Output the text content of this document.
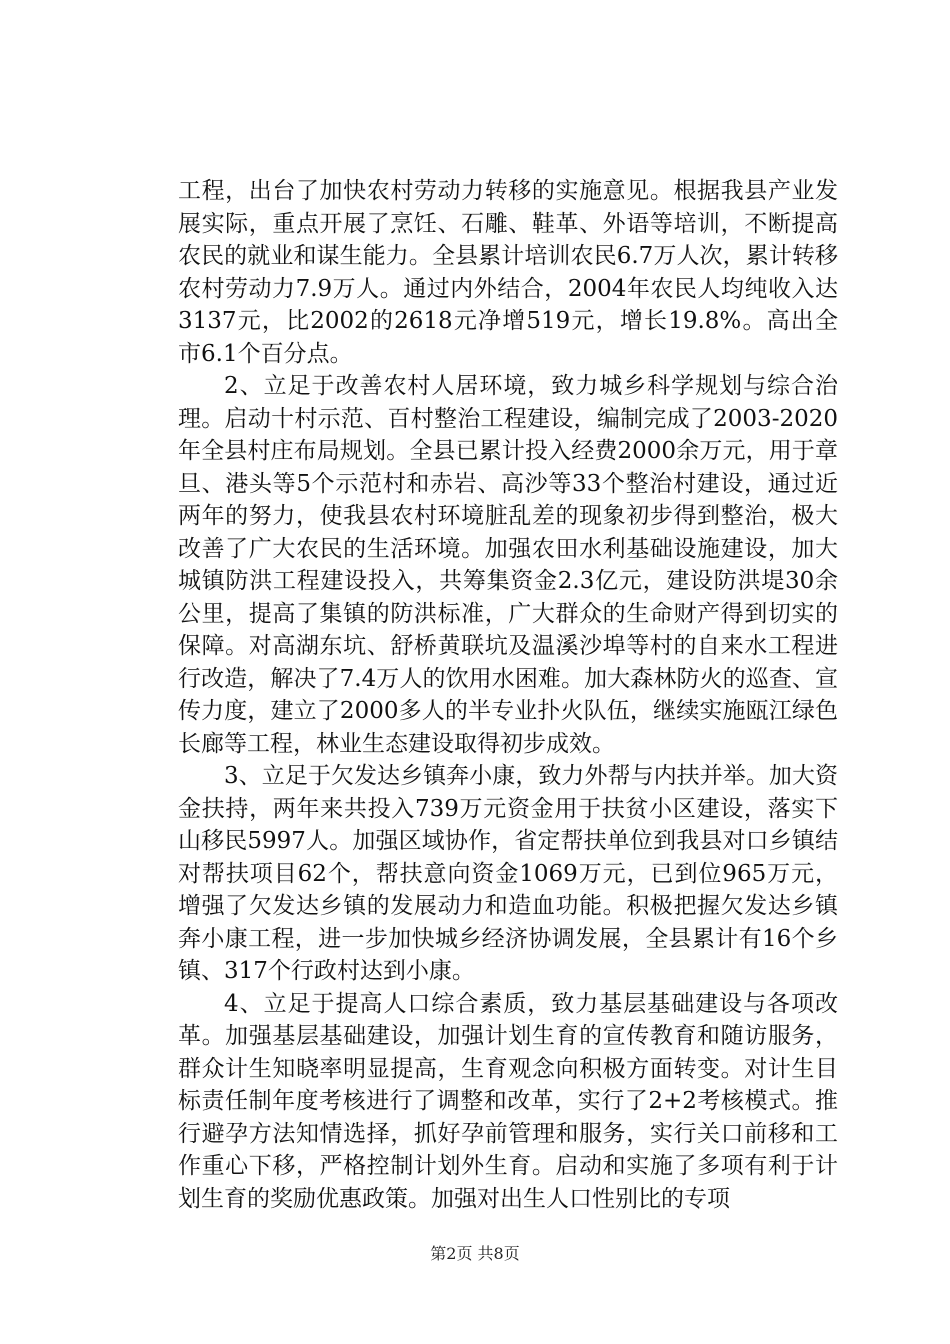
工程，出台了加快农村劳动力转移的实施意见。根据我县产业发展实际，重点开展了烹饪、石雕、鞋革、外语等培训，不断提高农民的就业和谋生能力。全县累计培训农民6.7万人次，累计转移农村劳动力7.9万人。通过内外结合，2004年农民人均纯收入达3137元，比2002的2618元净增519元，增长19.8%。高出全市6.1个百分点。

2、立足于改善农村人居环境，致力城乡科学规划与综合治理。启动十村示范、百村整治工程建设，编制完成了2003-2020年全县村庄布局规划。全县已累计投入经费2000余万元，用于章旦、港头等5个示范村和赤岩、高沙等33个整治村建设，通过近两年的努力，使我县农村环境脏乱差的现象初步得到整治，极大改善了广大农民的生活环境。加强农田水利基础设施建设，加大城镇防洪工程建设投入，共筹集资金2.3亿元，建设防洪堤30余公里，提高了集镇的防洪标准，广大群众的生命财产得到切实的保障。对高湖东坑、舒桥黄联坑及温溪沙埠等村的自来水工程进行改造，解决了7.4万人的饮用水困难。加大森林防火的巡查、宣传力度，建立了2000多人的半专业扑火队伍，继续实施瓯江绿色长廊等工程，林业生态建设取得初步成效。

3、立足于欠发达乡镇奔小康，致力外帮与内扶并举。加大资金扶持，两年来共投入739万元资金用于扶贫小区建设，落实下山移民5997人。加强区域协作，省定帮扶单位到我县对口乡镇结对帮扶项目62个，帮扶意向资金1069万元，已到位965万元，增强了欠发达乡镇的发展动力和造血功能。积极把握欠发达乡镇奔小康工程，进一步加快城乡经济协调发展，全县累计有16个乡镇、317个行政村达到小康。

4、立足于提高人口综合素质，致力基层基础建设与各项改革。加强基层基础建设，加强计划生育的宣传教育和随访服务，群众计生知晓率明显提高，生育观念向积极方面转变。对计生目标责任制年度考核进行了调整和改革，实行了2+2考核模式。推行避孕方法知情选择，抓好孕前管理和服务，实行关口前移和工作重心下移，严格控制计划外生育。启动和实施了多项有利于计划生育的奖励优惠政策。加强对出生人口性别比的专项

第2页 共8页
